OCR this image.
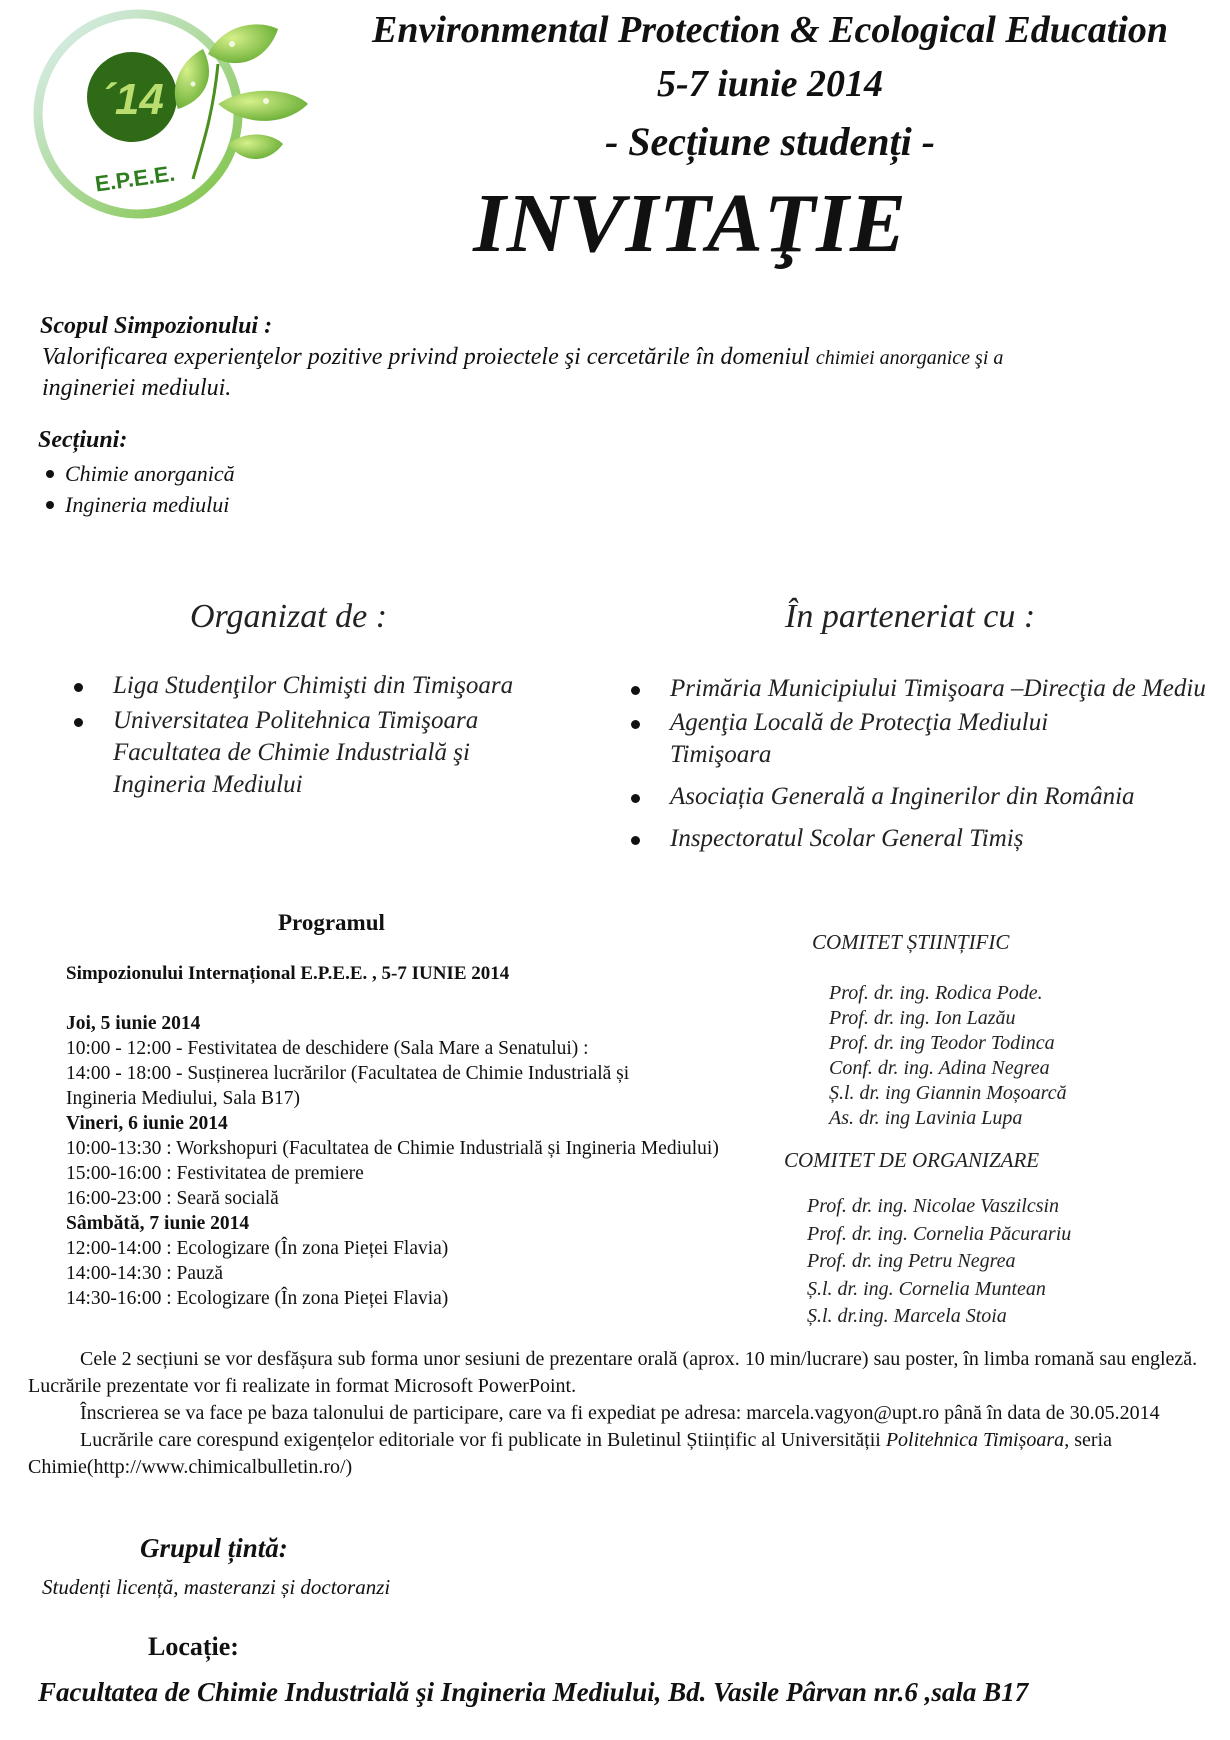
´14
E.P.E.E.
Environmental Protection & Ecological Education
5-7 iunie 2014
- Secțiune studenți -
INVITAŢIE
Scopul Simpozionului :
Valorificarea experienţelor pozitive privind proiectele şi cercetările în domeniul chimiei anorganice şi a
ingineriei mediului.
Secțiuni:
Chimie anorganică
Ingineria mediului
Organizat de :	În parteneriat cu :
Liga Studenţilor Chimişti din Timişoara
Universitatea Politehnica Timişoara Facultatea de Chimie Industrială şi Ingineria Mediului
Primăria Municipiului Timişoara –Direcţia de Mediu
Agenţia Locală de Protecţia Mediului Timişoara
Asociația Generală a Inginerilor din România
Inspectoratul Scolar General Timiș
Programul
Simpozionului Internațional E.P.E.E. , 5-7 IUNIE 2014
Joi, 5 iunie 2014
10:00 - 12:00 - Festivitatea de deschidere (Sala Mare a Senatului) :
14:00 - 18:00 - Susținerea lucrărilor (Facultatea de Chimie Industrială și
Ingineria Mediului, Sala B17)
Vineri, 6 iunie 2014
10:00-13:30 : Workshopuri (Facultatea de Chimie Industrială și Ingineria Mediului)
15:00-16:00 : Festivitatea de premiere
16:00-23:00 : Seară socială
Sâmbătă, 7 iunie 2014
12:00-14:00 : Ecologizare (În zona Pieței Flavia)
14:00-14:30 : Pauză
14:30-16:00 : Ecologizare (În zona Pieței Flavia)
COMITET ȘTIINȚIFIC
Prof. dr. ing. Rodica Pode.
Prof. dr. ing. Ion Lazău
Prof. dr. ing Teodor Todinca
Conf. dr. ing. Adina Negrea
Ș.l. dr. ing Giannin Moșoarcă
As. dr. ing Lavinia Lupa
COMITET DE ORGANIZARE
Prof. dr. ing. Nicolae Vaszilcsin
Prof. dr. ing. Cornelia Păcurariu
Prof. dr. ing Petru Negrea
Ș.l. dr. ing. Cornelia Muntean
Ș.l. dr.ing. Marcela Stoia

Cele 2 secțiuni se vor desfășura sub forma unor sesiuni de prezentare orală (aprox. 10 min/lucrare) sau poster, în limba romană sau engleză. Lucrările prezentate vor fi realizate in format Microsoft PowerPoint.

Înscrierea se va face pe baza talonului de participare, care va fi expediat pe adresa: marcela.vagyon@upt.ro până în data de 30.05.2014

Lucrările care corespund exigențelor editoriale vor fi publicate in Buletinul Științific al Universității Politehnica Timișoara, seria Chimie(http://www.chimicalbulletin.ro/)

Grupul țintă:
Studenți licență, masteranzi și doctoranzi
Locație:
Facultatea de Chimie Industrială şi Ingineria Mediului, Bd. Vasile Pârvan nr.6 ,sala B17
